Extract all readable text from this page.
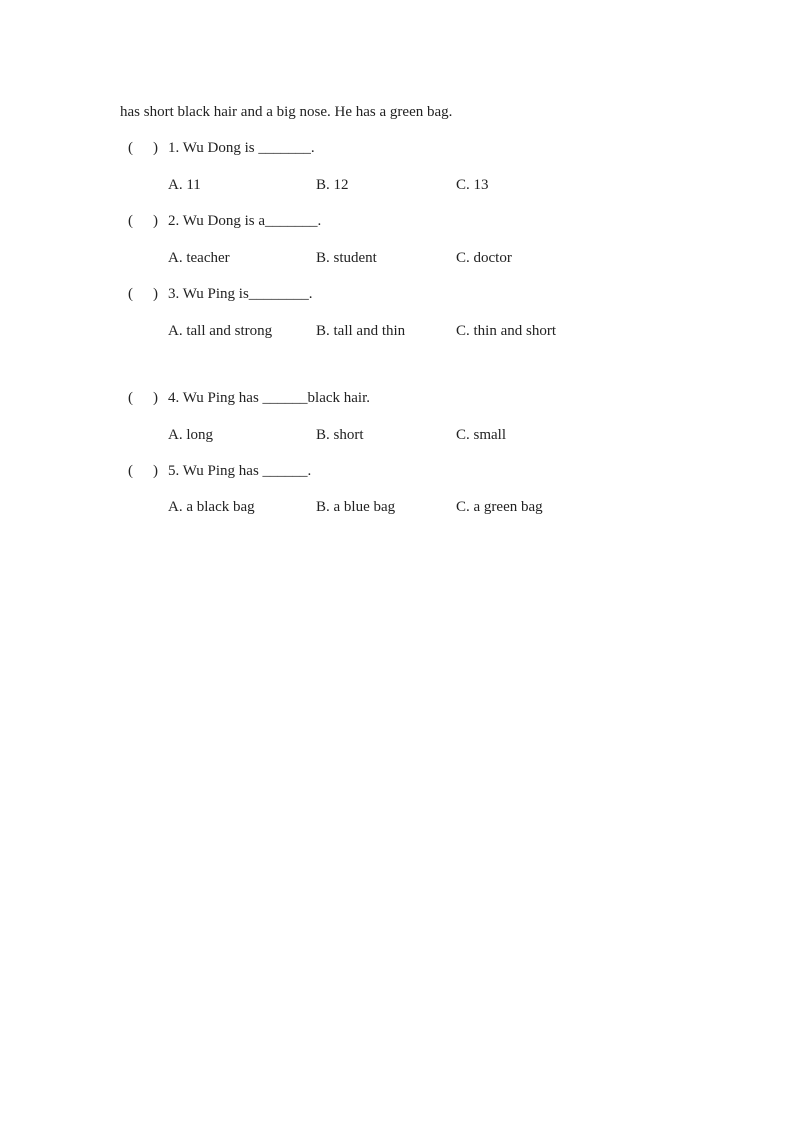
has short black hair and a big nose. He has a green bag.
( ) 1. Wu Dong is _______.
A. 11	B. 12	C. 13
( ) 2. Wu Dong is a_______.
A. teacher	B. student	C. doctor
( ) 3. Wu Ping is________.
A. tall and strong	B. tall and thin	C. thin and short
( ) 4. Wu Ping has ______black hair.
A. long	B. short	C. small
( ) 5. Wu Ping has ______.
A. a black bag	B. a blue bag	C. a green bag
